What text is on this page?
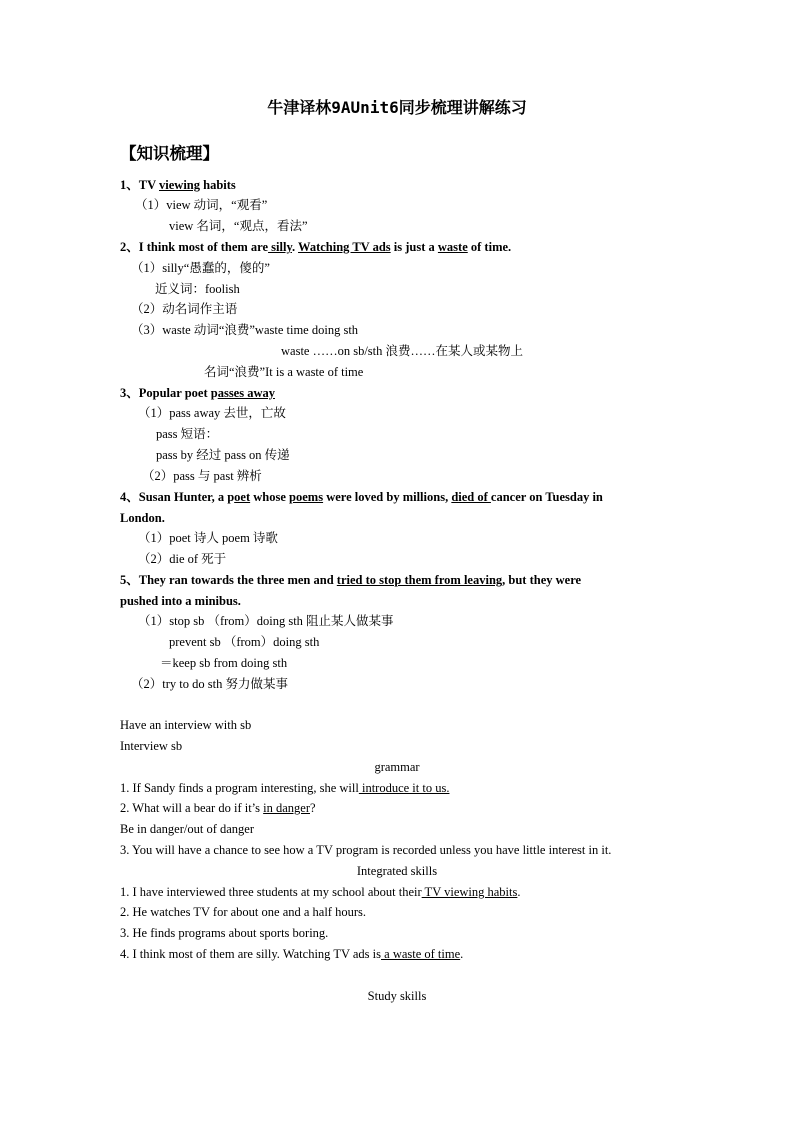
牛津译林9AUnit6同步梳理讲解练习
【知识梳理】
1、TV viewing habits
（1）view 动词，“观看”
view 名词，“观点，看法”
2、I think most of them are silly. Watching TV ads is just a waste of time.
（1）silly“愚蠢的，傻的”
近义词：foolish
（2）动名词作主语
（3）waste 动词“浪费”waste time doing sth
waste ……on sb/sth 浪费……在某人或某物上
名词“浪费”It is a waste of time
3、Popular poet passes away
（1）pass away 去世，亡故
pass 短语：
pass by 经过 pass on 传递
（2）pass 与 past 辨析
4、Susan Hunter, a poet whose poems were loved by millions, died of cancer on Tuesday in
London.
（1）poet 诗人 poem 诗歌
（2）die of 死于
5、They ran towards the three men and tried to stop them from leaving, but they were
pushed into a minibus.
（1）stop sb （from）doing sth 阻止某人做某事
prevent sb （from）doing sth
＝keep sb from doing sth
（2）try to do sth 努力做某事
Have an interview with sb
Interview sb
grammar
1. If Sandy finds a program interesting, she will introduce it to us.
2. What will a bear do if it’s in danger?
Be in danger/out of danger
3. You will have a chance to see how a TV program is recorded unless you have little interest in it.
Integrated skills
1. I have interviewed three students at my school about their TV viewing habits.
2. He watches TV for about one and a half hours.
3. He finds programs about sports boring.
4. I think most of them are silly. Watching TV ads is a waste of time.
Study skills
